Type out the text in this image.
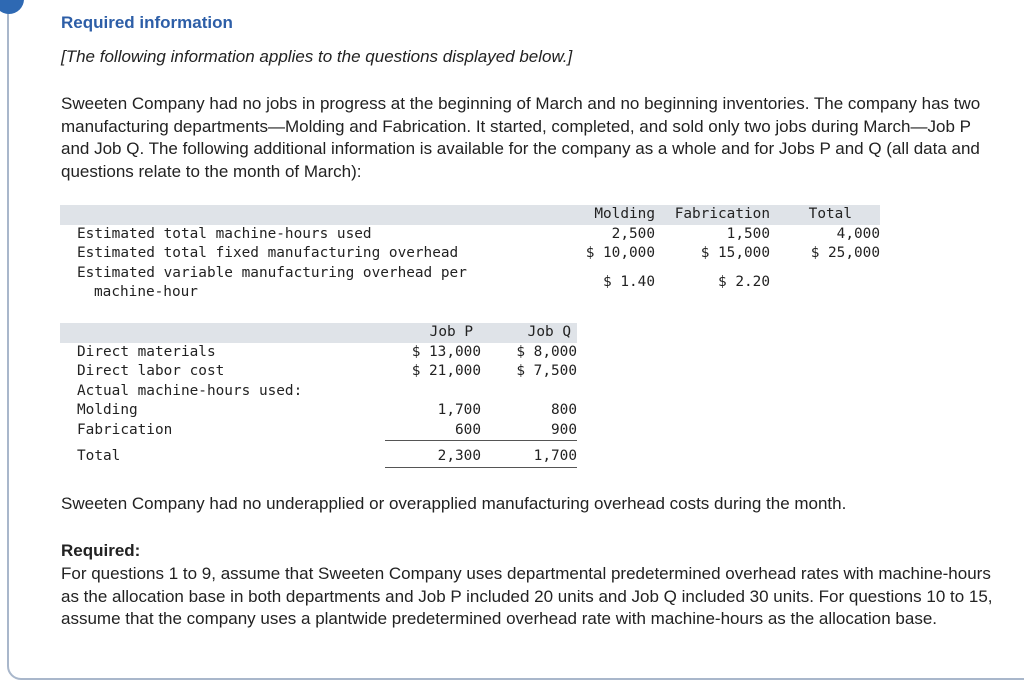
Required information

[The following information applies to the questions displayed below.]

Sweeten Company had no jobs in progress at the beginning of March and no beginning inventories. The company has two manufacturing departments—Molding and Fabrication. It started, completed, and sold only two jobs during March—Job P and Job Q. The following additional information is available for the company as a whole and for Jobs P and Q (all data and questions relate to the month of March):

	Molding	Fabrication	Total
Estimated total machine-hours used	2,500	1,500	4,000
Estimated total fixed manufacturing overhead	$ 10,000	$ 15,000	$ 25,000
Estimated variable manufacturing overhead per	$ 1.40	$ 2.20	
machine-hour			
	Job P	Job Q
Direct materials	$ 13,000	$ 8,000
Direct labor cost	$ 21,000	$ 7,500
Actual machine-hours used:		
Molding	1,700	800
Fabrication	600	900

Total	2,300	1,700

Sweeten Company had no underapplied or overapplied manufacturing overhead costs during the month.

Required:

For questions 1 to 9, assume that Sweeten Company uses departmental predetermined overhead rates with machine-hours as the allocation base in both departments and Job P included 20 units and Job Q included 30 units. For questions 10 to 15, assume that the company uses a plantwide predetermined overhead rate with machine-hours as the allocation base.
